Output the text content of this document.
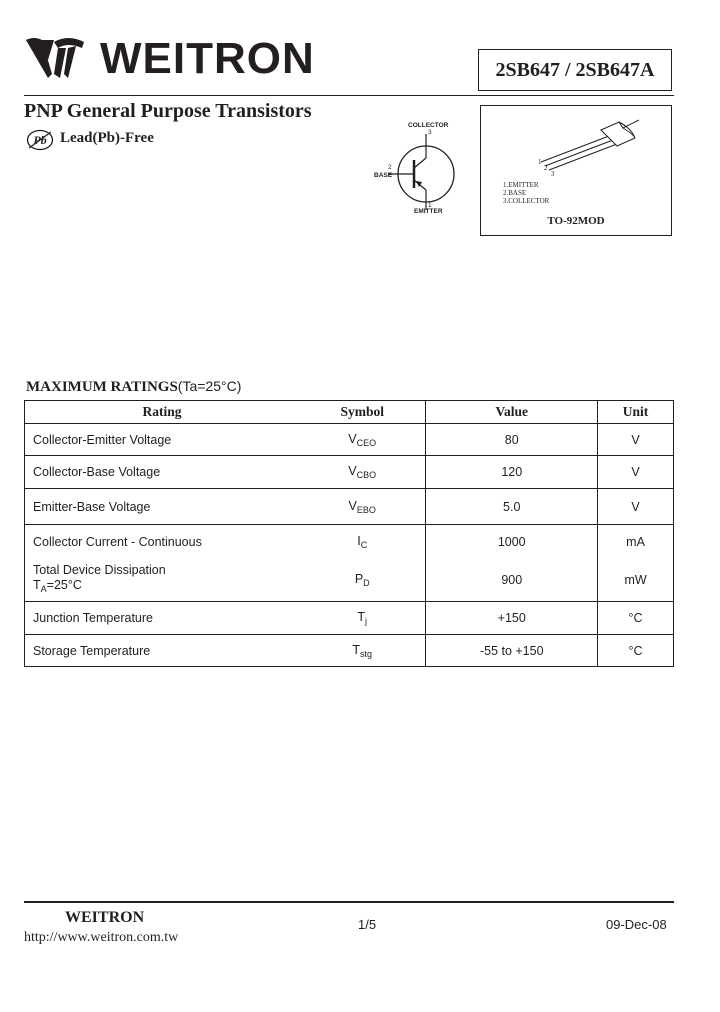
WEITRON	2SB647 / 2SB647A
PNP General Purpose Transistors
Pb Lead(Pb)-Free
COLLECTOR
3
2
BASE
1
EMITTER
1
2
3
1.EMITTER
2.BASE
3.COLLECTOR
TO-92MOD
MAXIMUM RATINGS(Ta=25°C)
Rating	Symbol	Value	Unit
Collector-Emitter Voltage	$V_{CEO}$	80	V
Collector-Base Voltage	$V_{CBO}$	120	V
Emitter-Base Voltage	$V_{EBO}$	5.0	V
Collector Current - Continuous	$I_C$	1000	mA

Total Device Dissipation
$T_A=25^\circ C$	$P_D$	900	mW
Junction Temperature	$T_j$	+150	°C
Storage Temperature	$T_{stg}$	-55 to +150	°C
WEITRON
http://www.weitron.com.tw
1/5	09-Dec-08
